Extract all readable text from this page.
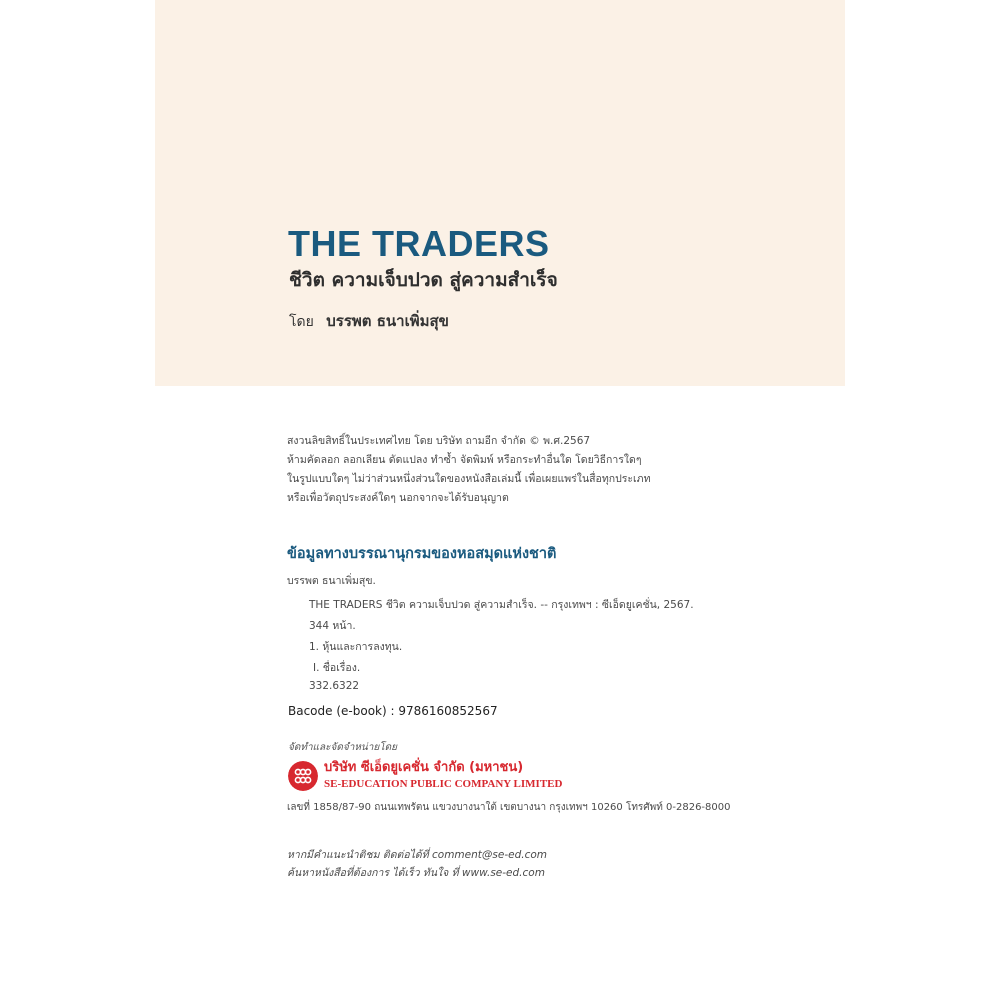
THE TRADERS
ชีวิต ความเจ็บปวด สู่ความสำเร็จ
โดย บรรพต ธนาเพิ่มสุข
สงวนลิขสิทธิ์ในประเทศไทย โดย บริษัท ถามอีก จำกัด © พ.ศ.2567
ห้ามคัดลอก ลอกเลียน ดัดแปลง ทำซ้ำ จัดพิมพ์ หรือกระทำอื่นใด โดยวิธีการใดๆ
ในรูปแบบใดๆ ไม่ว่าส่วนหนึ่งส่วนใดของหนังสือเล่มนี้ เพื่อเผยแพร่ในสื่อทุกประเภท
หรือเพื่อวัตถุประสงค์ใดๆ นอกจากจะได้รับอนุญาต
ข้อมูลทางบรรณานุกรมของหอสมุดแห่งชาติ
บรรพต ธนาเพิ่มสุข.
THE TRADERS ชีวิต ความเจ็บปวด สู่ความสำเร็จ. -- กรุงเทพฯ : ซีเอ็ดยูเคชั่น, 2567.
344 หน้า.
1. หุ้นและการลงทุน.
I. ชื่อเรื่อง.
332.6322
Bacode (e-book) : 9786160852567
จัดทำและจัดจำหน่ายโดย
บริษัท ซีเอ็ดยูเคชั่น จำกัด (มหาชน)
SE-EDUCATION PUBLIC COMPANY LIMITED
เลขที่ 1858/87-90 ถนนเทพรัตน แขวงบางนาใต้ เขตบางนา กรุงเทพฯ 10260 โทรศัพท์ 0-2826-8000
หากมีคำแนะนำติชม ติดต่อได้ที่ comment@se-ed.com
ค้นหาหนังสือที่ต้องการ ได้เร็ว ทันใจ ที่ www.se-ed.com
